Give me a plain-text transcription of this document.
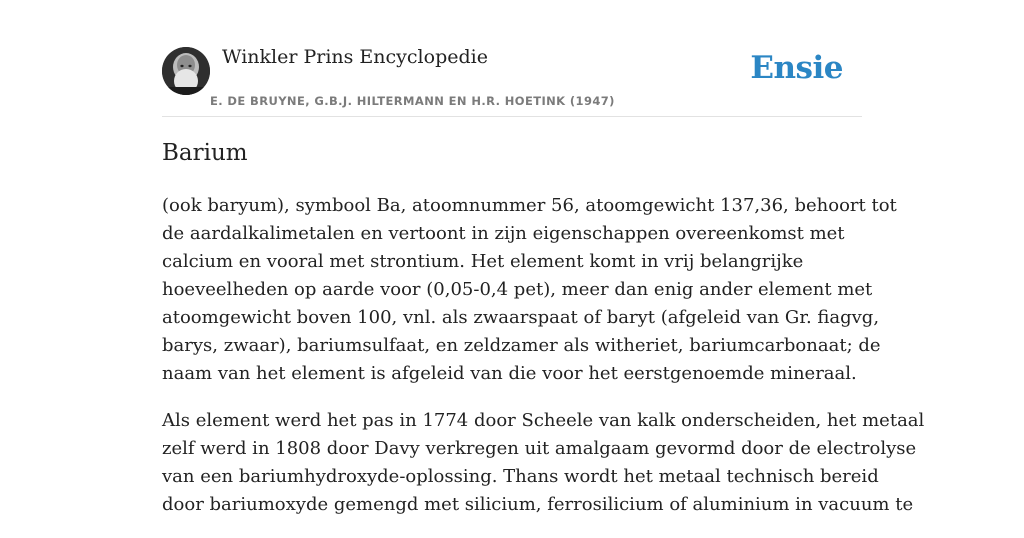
Winkler Prins Encyclopedie
E. DE BRUYNE, G.B.J. HILTERMANN EN H.R. HOETINK (1947)
Ensie
Barium

(ook baryum), symbool Ba, atoomnummer 56, atoomgewicht 137,36, behoort tot
de aardalkalimetalen en vertoont in zijn eigenschappen overeenkomst met
calcium en vooral met strontium. Het element komt in vrij belangrijke
hoeveelheden op aarde voor (0,05-0,4 pet), meer dan enig ander element met
atoomgewicht boven 100, vnl. als zwaarspaat of baryt (afgeleid van Gr. fiagvg,
barys, zwaar), bariumsulfaat, en zeldzamer als witheriet, bariumcarbonaat; de
naam van het element is afgeleid van die voor het eerstgenoemde mineraal.

Als element werd het pas in 1774 door Scheele van kalk onderscheiden, het metaal
zelf werd in 1808 door Davy verkregen uit amalgaam gevormd door de electrolyse
van een bariumhydroxyde-oplossing. Thans wordt het metaal technisch bereid
door bariumoxyde gemengd met silicium, ferrosilicium of aluminium in vacuum te
